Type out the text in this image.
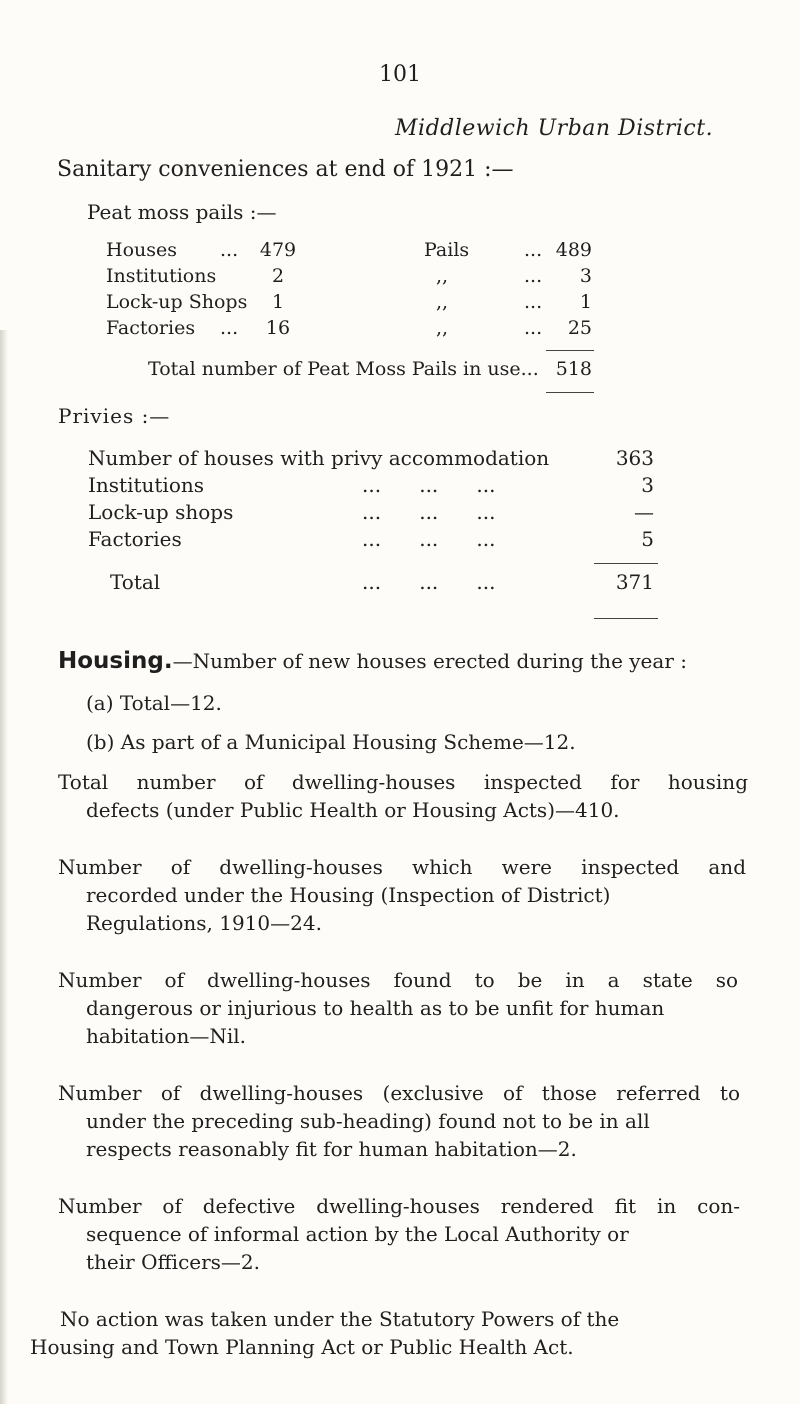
101
Middlewich Urban District.
Sanitary conveniences at end of 1921 :—
Peat moss pails :—
Houses ... 479	Pails	... 489
Institutions	2	,,	...	3
Lock-up Shops	1	,,	...	1
Factories ...	16	,,	...	25
Total number of Peat Moss Pails in use... 518
Privies :—
Number of houses with privy accommodation	363
Institutions	...      ...      ...	3
Lock-up shops	...      ...      ...	—
Factories	...      ...      ...	5
Total	...      ...      ...	371
Housing.—Number of new houses erected during the year :
(a) Total—12.
(b) As part of a Municipal Housing Scheme—12.
Total number of dwelling-houses inspected for housing
defects (under Public Health or Housing Acts)—410.
Number of dwelling-houses which were inspected and
recorded under the Housing (Inspection of District)
Regulations, 1910—24.
Number of dwelling-houses found to be in a state so
dangerous or injurious to health as to be unfit for human
habitation—Nil.
Number of dwelling-houses (exclusive of those referred to
under the preceding sub-heading) found not to be in all
respects reasonably fit for human habitation—2.
Number of defective dwelling-houses rendered fit in con-
sequence of informal action by the Local Authority or
their Officers—2.
No action was taken under the Statutory Powers of the
Housing and Town Planning Act or Public Health Act.
